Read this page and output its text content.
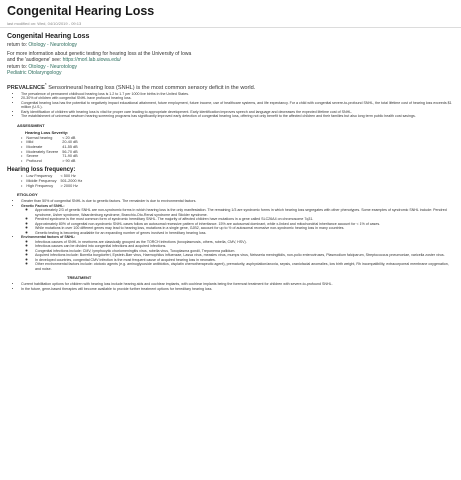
Congenital Hearing Loss
last modified on: Wed, 04/10/2019 - 09:13
Congenital Hearing Loss

return to: Otology - Neurotology

For more information about genetic testing for hearing loss at the University of Iowa

and the 'audiogene' see: https://morl.lab.uiowa.edu/

return to: Otology - Neurotology

Pediatric Otolaryngology

PREVALENCE* Sensorineural hearing loss (SNHL) is the most common sensory deficit in the world.

• The prevalence of permanent childhood hearing loss is 1.2 to 1.7 per 1000 live births in the United States.
• 20-30% of children with congenital SNHL have profound hearing loss.
• Congenital hearing loss has the potential to negatively impact educational attainment, future employment, future income, use of healthcare systems, and life expectancy. For a child with congenital severe-to-profound SNHL, the total lifetime cost of hearing loss exceeds $1 million (U.S.).
• Early identification of children with hearing loss is vital for proper care leading to appropriate development. Early identification improves speech and language and decreases the expected lifetime cost of SNHL.
• The establishment of universal newborn hearing screening programs has significantly improved early detection of congenital hearing loss, offering not only benefit to the affected children and their families but also long term public health cost savings.
ASSESSMENT
Hearing Loss Severity:
• Normal hearing	< 20 dB
• Mild	20-40 dB
• Moderate	41-55 dB
• Moderately Severe	56-70 dB
• Severe	71-90 dB
• Profound	> 90 dB
Hearing loss frequency:
• Low Frequency	< 500 Hz
• Middle Frequency	501-2000 Hz
• High Frequency	> 2000 Hz
ETIOLOGY
• Greater than 50% of congenital SNHL is due to genetic factors. The remainder is due to environmental factors.
• Genetic Factors of SNHL:
◦ Approximately 2/3 of genetic SNHL are non-syndromic forms in which hearing loss is the only manifestation. The remaining 1/3 are syndromic forms in which hearing loss segregates with other phenotypes. Some examples of syndromic SNHL include: Pendred syndrome, Usher syndrome, Waardenburg syndrome, Branchio-Oto-Renal syndrome and Stickler syndrome.
◦ Pendred syndrome is the most common form of syndromic hereditary SNHL. The majority of affected children have mutations in a gene called SLC26A4 on chromosome 7q31.
◦ Approximately 80% of congenital non-syndromic SNHL cases follow an autosomal recessive pattern of inheritance. 15% are autosomal dominant, while x-linked and mitochondrial inheritance account for < 1% of cases.
◦ While mutations in over 100 different genes may lead to hearing loss, mutations in a single gene, GJB2, account for up to ½ of autosomal recessive non-syndromic hearing loss in many countries.
◦ Genetic testing is becoming available for an expanding number of genes involved in hereditary hearing loss.
• Environmental factors of SNHL:
◦ Infectious causes of SNHL in newborns are classically grouped as the TORCH infections (toxoplasmosis, others, rubella, CMV, HSV).
◦ Infectious causes can be divided into congenital infections and acquired infections.
◦ Congenital infections include: CMV, lymphocytic choriomeningitis virus, rubella virus, Toxoplasma gondii, Treponema pallidum.
◦ Acquired infections include: Borrelia burgdorferi, Epstein-Barr virus, Haemophilus influenzae, Lassa virus, measles virus, mumps virus, Neisseria meningitidis, non-polio enteroviruses, Plasmodium falciparum, Streptococcus pneumoniae, varicella zoster virus.
◦ In developed countries, congenital CMV infection is the most frequent cause of acquired hearing loss in neonates.
◦ Other environmental factors include: ototoxic agents (e.g. aminoglycoside antibiotics, cisplatin chemotherapeutic agent), prematurity, asphyxiation/anoxia, sepsis, craniofacial anomalies, low birth weight, Rh incompatibility, extracorporeal membrane oxygenation, and noise.
TREATMENT
• Current habilitation options for children with hearing loss include hearing aids and cochlear implants, with cochlear implants being the foremost treatment for children with severe-to-profound SNHL.
• In the future, gene-based therapies will become available to provide further treatment options for hereditary hearing loss.
